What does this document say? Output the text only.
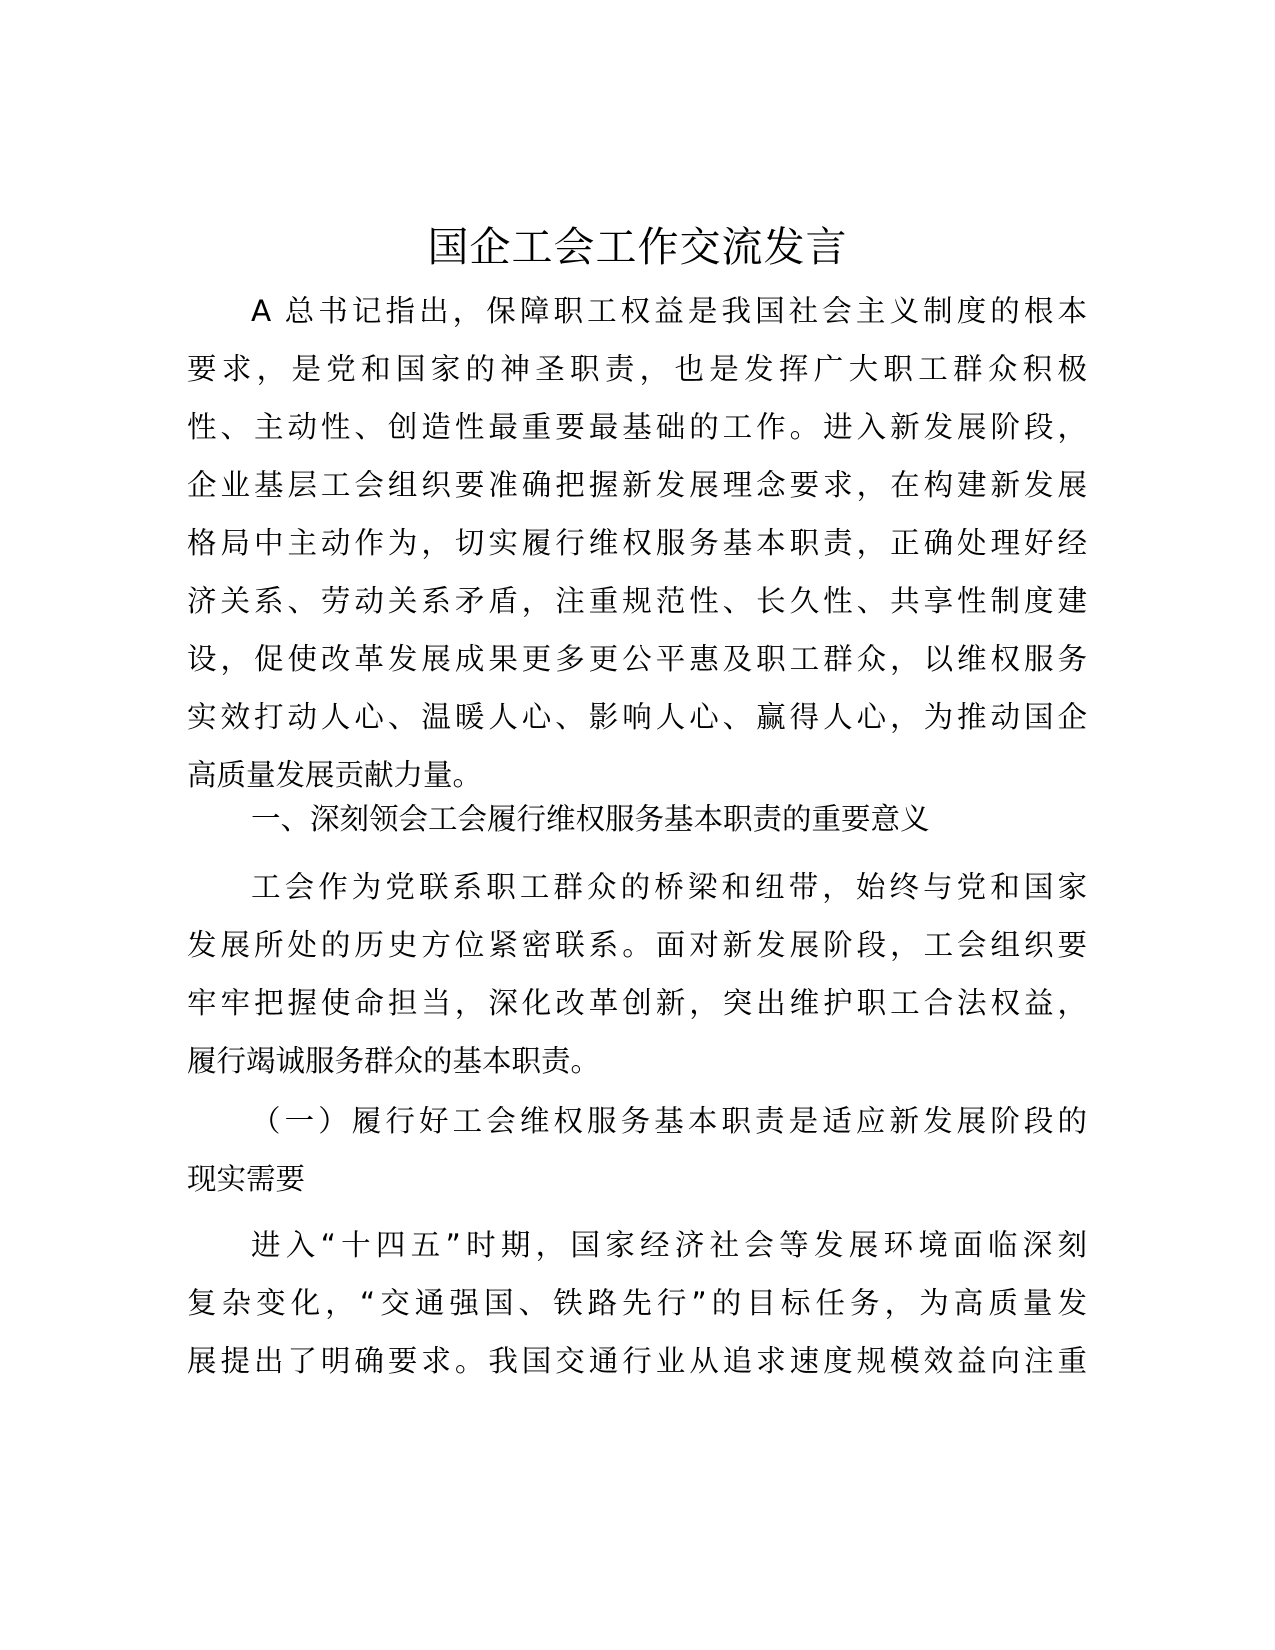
国企工会工作交流发言
A 总书记指出，保障职工权益是我国社会主义制度的根本
要求，是党和国家的神圣职责，也是发挥广大职工群众积极
性、主动性、创造性最重要最基础的工作。进入新发展阶段，
企业基层工会组织要准确把握新发展理念要求，在构建新发展
格局中主动作为，切实履行维权服务基本职责，正确处理好经
济关系、劳动关系矛盾，注重规范性、长久性、共享性制度建
设，促使改革发展成果更多更公平惠及职工群众，以维权服务
实效打动人心、温暖人心、影响人心、赢得人心，为推动国企
高质量发展贡献力量。
一、深刻领会工会履行维权服务基本职责的重要意义
工会作为党联系职工群众的桥梁和纽带，始终与党和国家
发展所处的历史方位紧密联系。面对新发展阶段，工会组织要
牢牢把握使命担当，深化改革创新，突出维护职工合法权益，
履行竭诚服务群众的基本职责。
（一）履行好工会维权服务基本职责是适应新发展阶段的
现实需要
进入“十四五”时期，国家经济社会等发展环境面临深刻
复杂变化，“交通强国、铁路先行”的目标任务，为高质量发
展提出了明确要求。我国交通行业从追求速度规模效益向注重
